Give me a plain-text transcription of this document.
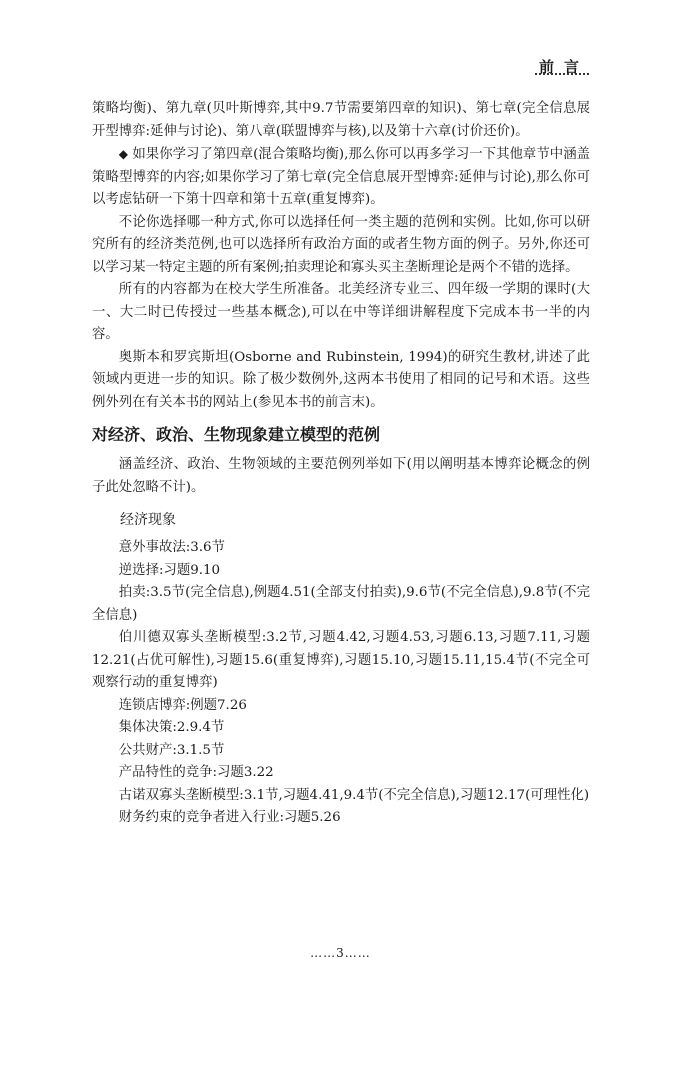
前言

策略均衡)、第九章(贝叶斯博弈,其中9.7节需要第四章的知识)、第七章(完全信息展开型博弈:延伸与讨论)、第八章(联盟博弈与核),以及第十六章(讨价还价)。

◆ 如果你学习了第四章(混合策略均衡),那么你可以再多学习一下其他章节中涵盖策略型博弈的内容;如果你学习了第七章(完全信息展开型博弈:延伸与讨论),那么你可以考虑钻研一下第十四章和第十五章(重复博弈)。

不论你选择哪一种方式,你可以选择任何一类主题的范例和实例。比如,你可以研究所有的经济类范例,也可以选择所有政治方面的或者生物方面的例子。另外,你还可以学习某一特定主题的所有案例;拍卖理论和寡头买主垄断理论是两个不错的选择。

所有的内容都为在校大学生所准备。北美经济专业三、四年级一学期的课时(大一、大二时已传授过一些基本概念),可以在中等详细讲解程度下完成本书一半的内容。

奥斯本和罗宾斯坦(Osborne and Rubinstein, 1994)的研究生教材,讲述了此领域内更进一步的知识。除了极少数例外,这两本书使用了相同的记号和术语。这些例外列在有关本书的网站上(参见本书的前言末)。

对经济、政治、生物现象建立模型的范例

涵盖经济、政治、生物领域的主要范例列举如下(用以阐明基本博弈论概念的例子此处忽略不计)。

经济现象

意外事故法:3.6节

逆选择:习题9.10

拍卖:3.5节(完全信息),例题4.51(全部支付拍卖),9.6节(不完全信息),9.8节(不完全信息)

伯川德双寡头垄断模型:3.2节,习题4.42,习题4.53,习题6.13,习题7.11,习题12.21(占优可解性),习题15.6(重复博弈),习题15.10,习题15.11,15.4节(不完全可观察行动的重复博弈)

连锁店博弈:例题7.26

集体决策:2.9.4节

公共财产:3.1.5节

产品特性的竞争:习题3.22

古诺双寡头垄断模型:3.1节,习题4.41,9.4节(不完全信息),习题12.17(可理性化)

财务约束的竞争者进入行业:习题5.26

……3……
